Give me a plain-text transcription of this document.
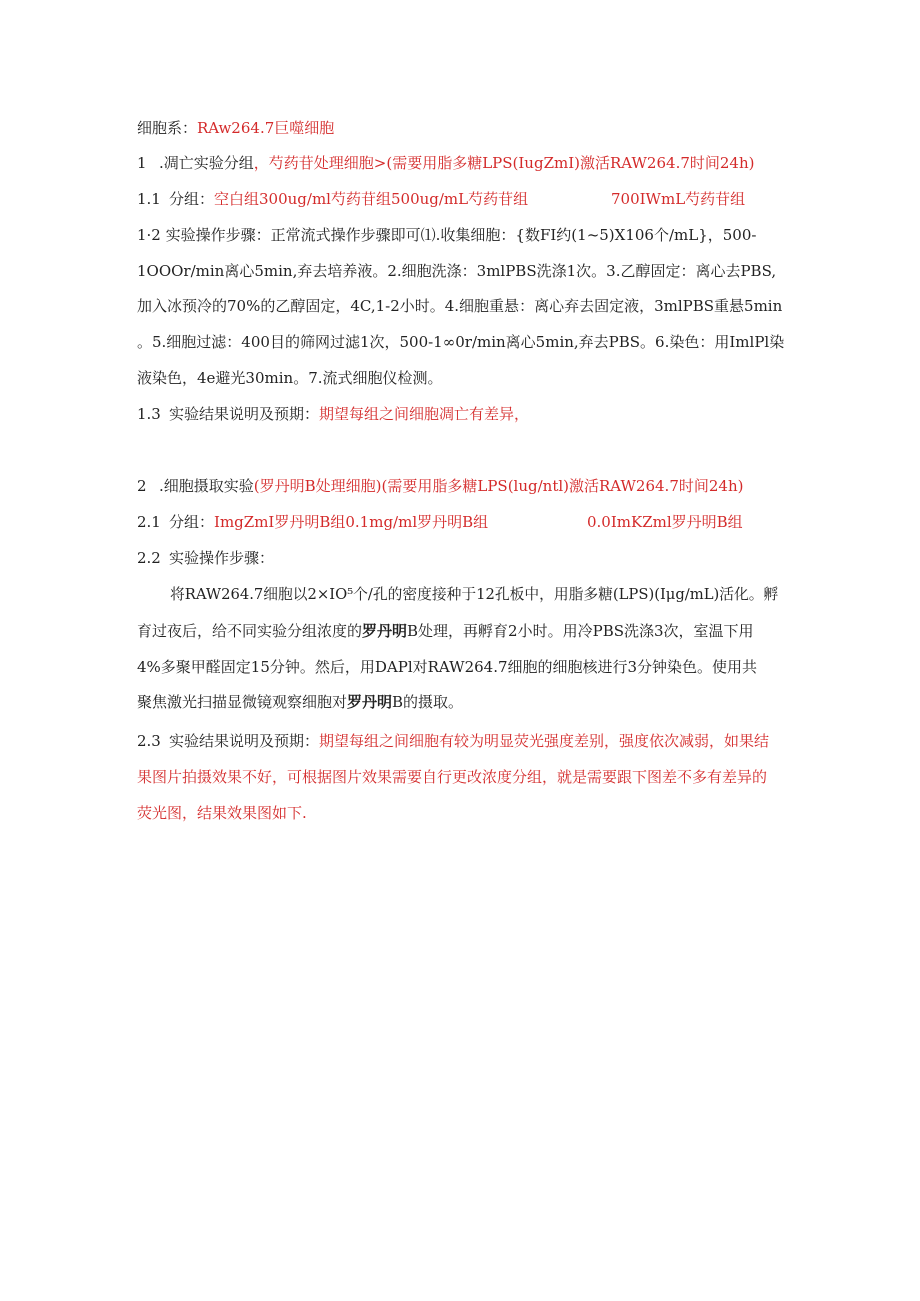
细胞系：RAw264.7巨噬细胞
1 .凋亡实验分组，芍药苷处理细胞>(需要用脂多糖LPS(IugZmI)激活RAW264.7时间24h)
1.1 分组：空白组300ug∕ml芍药苷组500ug∕mL芍药苷组	700IWmL芍药苷组
1·2 实验操作步骤：正常流式操作步骤即可⑴.收集细胞：{数FI约(1~5)X106个∕mL}，500-
1OOOr/min离心5min,弃去培养液。2.细胞洗涤：3mlPBS洗涤1次。3.乙醇固定：离心去PBS,
加入冰预冷的70%的乙醇固定，4C,1-2小时。4.细胞重悬：离心弃去固定液，3mlPBS重悬5min
。5.细胞过滤：400目的筛网过滤1次，500-1∞0r/min离心5min,弃去PBS。6.染色：用ImlPl染
液染色，4e避光30min。7.流式细胞仪检测。
1.3 实验结果说明及预期：期望每组之间细胞凋亡有差异，
2 .细胞摄取实验(罗丹明B处理细胞)(需要用脂多糖LPS(lug∕ntl)激活RAW264.7时间24h)
2.1 分组：ImgZmI罗丹明B组0.1mg∕ml罗丹明B组	0.0ImKZml罗丹明B组
2.2 实验操作步骤：
将RAW264.7细胞以2×IO⁵个/孔的密度接种于12孔板中，用脂多糖(LPS)(Iμg∕mL)活化。孵
育过夜后，给不同实验分组浓度的罗丹明B处理，再孵育2小时。用冷PBS洗涤3次，室温下用
4%多聚甲醛固定15分钟。然后，用DAPl对RAW264.7细胞的细胞核进行3分钟染色。使用共
聚焦激光扫描显微镜观察细胞对罗丹明B的摄取。
2.3 实验结果说明及预期：期望每组之间细胞有较为明显荧光强度差别，强度依次减弱，如果结
果图片拍摄效果不好，可根据图片效果需要自行更改浓度分组，就是需要跟下图差不多有差异的
荧光图，结果效果图如下.
